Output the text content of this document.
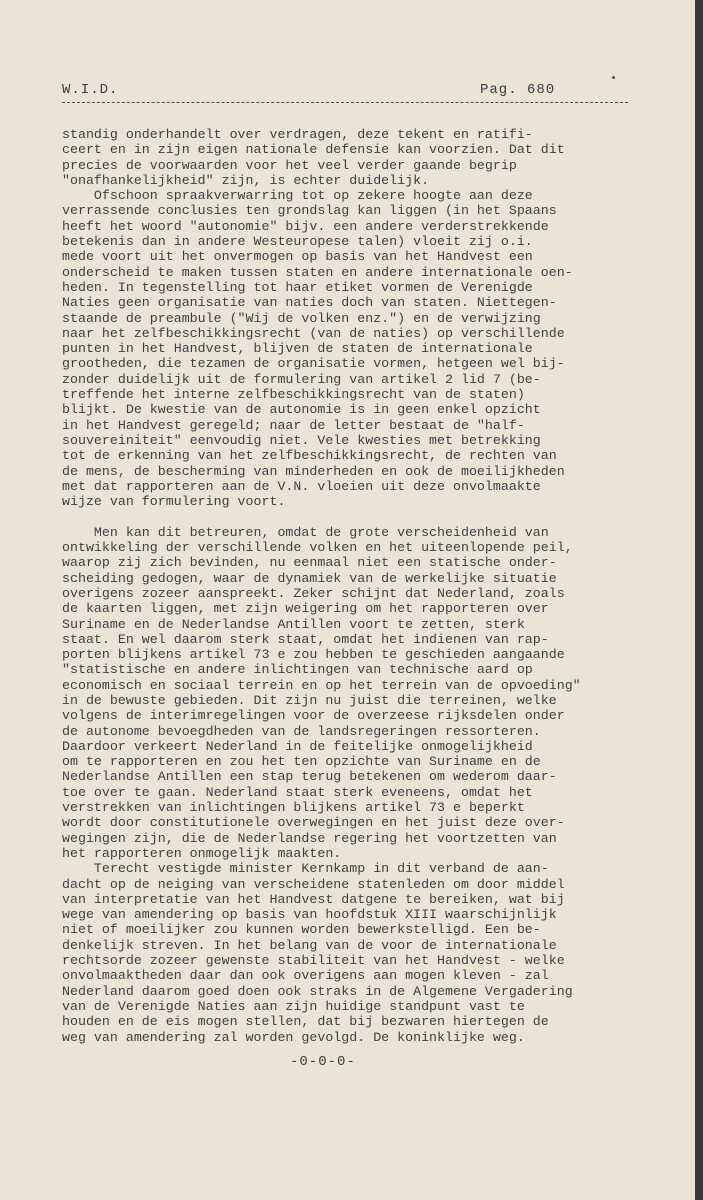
W.I.D.	Pag. 680
standig onderhandelt over verdragen, deze tekent en ratifi-
ceert en in zijn eigen nationale defensie kan voorzien. Dat dit
precies de voorwaarden voor het veel verder gaande begrip
"onafhankelijkheid" zijn, is echter duidelijk.
Ofschoon spraakverwarring tot op zekere hoogte aan deze
verrassende conclusies ten grondslag kan liggen (in het Spaans
heeft het woord "autonomie" bijv. een andere verderstrekkende
betekenis dan in andere Westeuropese talen) vloeit zij o.i.
mede voort uit het onvermogen op basis van het Handvest een
onderscheid te maken tussen staten en andere internationale oen-
heden. In tegenstelling tot haar etiket vormen de Verenigde
Naties geen organisatie van naties doch van staten. Niettegen-
staande de preambule ("Wij de volken enz.") en de verwijzing
naar het zelfbeschikkingsrecht (van de naties) op verschillende
punten in het Handvest, blijven de staten de internationale
grootheden, die tezamen de organisatie vormen, hetgeen wel bij-
zonder duidelijk uit de formulering van artikel 2 lid 7 (be-
treffende het interne zelfbeschikkingsrecht van de staten)
blijkt. De kwestie van de autonomie is in geen enkel opzicht
in het Handvest geregeld; naar de letter bestaat de "half-
souvereiniteit" eenvoudig niet. Vele kwesties met betrekking
tot de erkenning van het zelfbeschikkingsrecht, de rechten van
de mens, de bescherming van minderheden en ook de moeilijkheden
met dat rapporteren aan de V.N. vloeien uit deze onvolmaakte
wijze van formulering voort.
Men kan dit betreuren, omdat de grote verscheidenheid van
ontwikkeling der verschillende volken en het uiteenlopende peil,
waarop zij zich bevinden, nu eenmaal niet een statische onder-
scheiding gedogen, waar de dynamiek van de werkelijke situatie
overigens zozeer aanspreekt. Zeker schijnt dat Nederland, zoals
de kaarten liggen, met zijn weigering om het rapporteren over
Suriname en de Nederlandse Antillen voort te zetten, sterk
staat. En wel daarom sterk staat, omdat het indienen van rap-
porten blijkens artikel 73 e zou hebben te geschieden aangaande
"statistische en andere inlichtingen van technische aard op
economisch en sociaal terrein en op het terrein van de opvoeding"
in de bewuste gebieden. Dit zijn nu juist die terreinen, welke
volgens de interimregelingen voor de overzeese rijksdelen onder
de autonome bevoegdheden van de landsregeringen ressorteren.
Daardoor verkeert Nederland in de feitelijke onmogelijkheid
om te rapporteren en zou het ten opzichte van Suriname en de
Nederlandse Antillen een stap terug betekenen om wederom daar-
toe over te gaan. Nederland staat sterk eveneens, omdat het
verstrekken van inlichtingen blijkens artikel 73 e beperkt
wordt door constitutionele overwegingen en het juist deze over-
wegingen zijn, die de Nederlandse regering het voortzetten van
het rapporteren onmogelijk maakten.
Terecht vestigde minister Kernkamp in dit verband de aan-
dacht op de neiging van verscheidene statenleden om door middel
van interpretatie van het Handvest datgene te bereiken, wat bij
wege van amendering op basis van hoofdstuk XIII waarschijnlijk
niet of moeilijker zou kunnen worden bewerkstelligd. Een be-
denkelijk streven. In het belang van de voor de internationale
rechtsorde zozeer gewenste stabiliteit van het Handvest - welke
onvolmaaktheden daar dan ook overigens aan mogen kleven - zal
Nederland daarom goed doen ook straks in de Algemene Vergadering
van de Verenigde Naties aan zijn huidige standpunt vast te
houden en de eis mogen stellen, dat bij bezwaren hiertegen de
weg van amendering zal worden gevolgd. De koninklijke weg.
-0-0-0-
